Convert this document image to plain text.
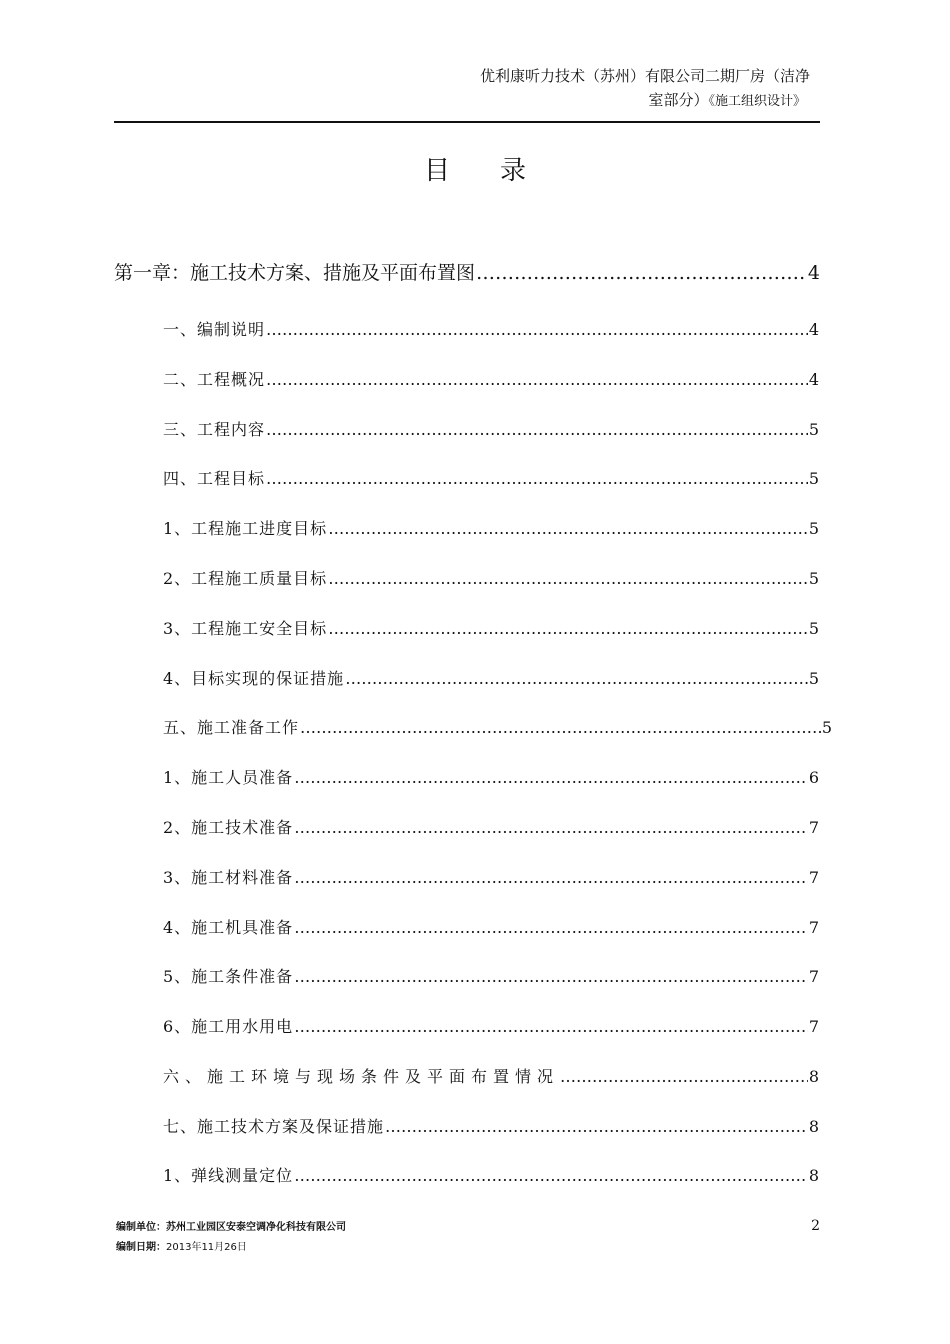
优利康听力技术（苏州）有限公司二期厂房（洁净
室部分）《施工组织设计》
目录
第一章：施工技术方案、措施及平面布置图 …………………………………………………………………………………………………………………………………………………………………………………………	4
一、编制说明 …………………………………………………………………………………………………………………………………………………………………………………………	4
二、工程概况 …………………………………………………………………………………………………………………………………………………………………………………………	4
三、工程内容 …………………………………………………………………………………………………………………………………………………………………………………………	5
四、工程目标 …………………………………………………………………………………………………………………………………………………………………………………………	5
1、工程施工进度目标 …………………………………………………………………………………………………………………………………………………………………………………………	5
2、工程施工质量目标 …………………………………………………………………………………………………………………………………………………………………………………………	5
3、工程施工安全目标 …………………………………………………………………………………………………………………………………………………………………………………………	5
4、目标实现的保证措施 …………………………………………………………………………………………………………………………………………………………………………………………	5
五、施工准备工作 …………………………………………………………………………………………………………………………………………………………………………………………	5
1、施工人员准备 …………………………………………………………………………………………………………………………………………………………………………………………	6
2、施工技术准备 …………………………………………………………………………………………………………………………………………………………………………………………	7
3、施工材料准备 …………………………………………………………………………………………………………………………………………………………………………………………	7
4、施工机具准备 …………………………………………………………………………………………………………………………………………………………………………………………	7
5、施工条件准备 …………………………………………………………………………………………………………………………………………………………………………………………	7
6、施工用水用电 …………………………………………………………………………………………………………………………………………………………………………………………	7
六、施工环境与现场条件及平面布置情况 …………………………………………………………………………………………………………………………………………………………………………………………	8
七、施工技术方案及保证措施 …………………………………………………………………………………………………………………………………………………………………………………………	8
1、弹线测量定位 …………………………………………………………………………………………………………………………………………………………………………………………	8
编制单位：苏州工业园区安泰空调净化科技有限公司
编制日期：2013年11月26日
2
